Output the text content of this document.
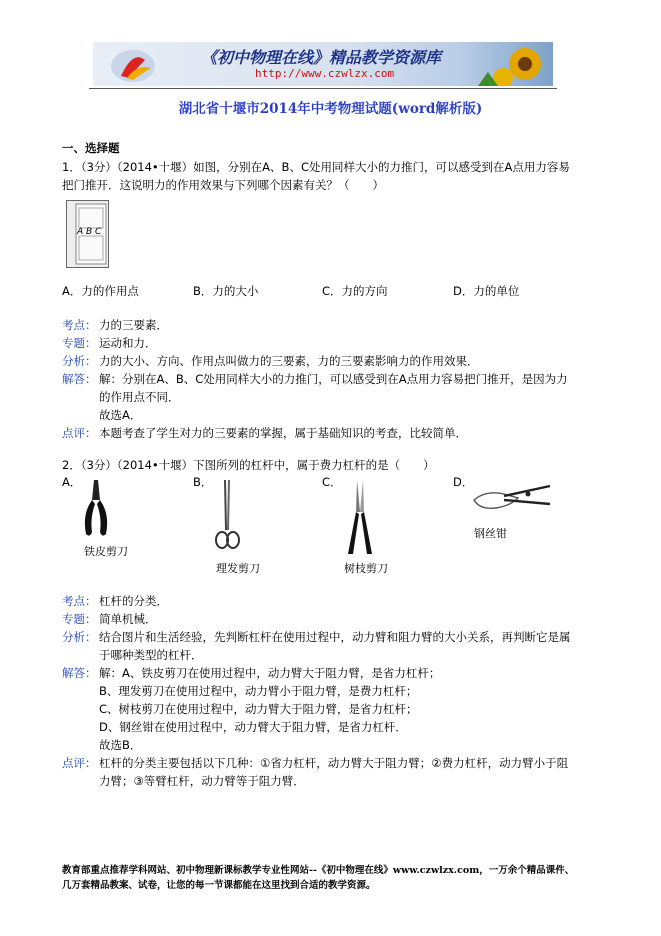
《初中物理在线》精品教学资源库
http://www.czwlzx.com
湖北省十堰市2014年中考物理试题(word解析版)
一、选择题
1．（3分）（2014•十堰）如图，分别在A、B、C处用同样大小的力推门，可以感受到在A点用力容易
把门推开．这说明力的作用效果与下列哪个因素有关？（　　）
A B C
A．力的作用点	B．力的大小	C．力的方向	D．力的单位
考点： 力的三要素．
专题： 运动和力．
分析： 力的大小、方向、作用点叫做力的三要素，力的三要素影响力的作用效果．
解答： 解：分别在A、B、C处用同样大小的力推门，可以感受到在A点用力容易把门推开，是因为力
的作用点不同．
故选A．
点评： 本题考查了学生对力的三要素的掌握，属于基础知识的考查，比较简单．
2．（3分）（2014•十堰）下图所列的杠杆中，属于费力杠杆的是（　　）
A．	B．	C．	D．
铁皮剪刀
理发剪刀	树枝剪刀
钢丝钳
考点： 杠杆的分类．
专题： 简单机械．
分析： 结合图片和生活经验，先判断杠杆在使用过程中，动力臂和阻力臂的大小关系，再判断它是属
于哪种类型的杠杆．
解答： 解：A、铁皮剪刀在使用过程中，动力臂大于阻力臂，是省力杠杆；
B、理发剪刀在使用过程中，动力臂小于阻力臂，是费力杠杆；
C、树枝剪刀在使用过程中，动力臂大于阻力臂，是省力杠杆；
D、钢丝钳在使用过程中，动力臂大于阻力臂，是省力杠杆．
故选B．
点评： 杠杆的分类主要包括以下几种：①省力杠杆，动力臂大于阻力臂；②费力杠杆，动力臂小于阻
力臂；③等臂杠杆，动力臂等于阻力臂．
教育部重点推荐学科网站、初中物理新课标教学专业性网站--《初中物理在线》www.czwlzx.com，一万余个精品课件、
几万套精品教案、试卷，让您的每一节课都能在这里找到合适的教学资源。
